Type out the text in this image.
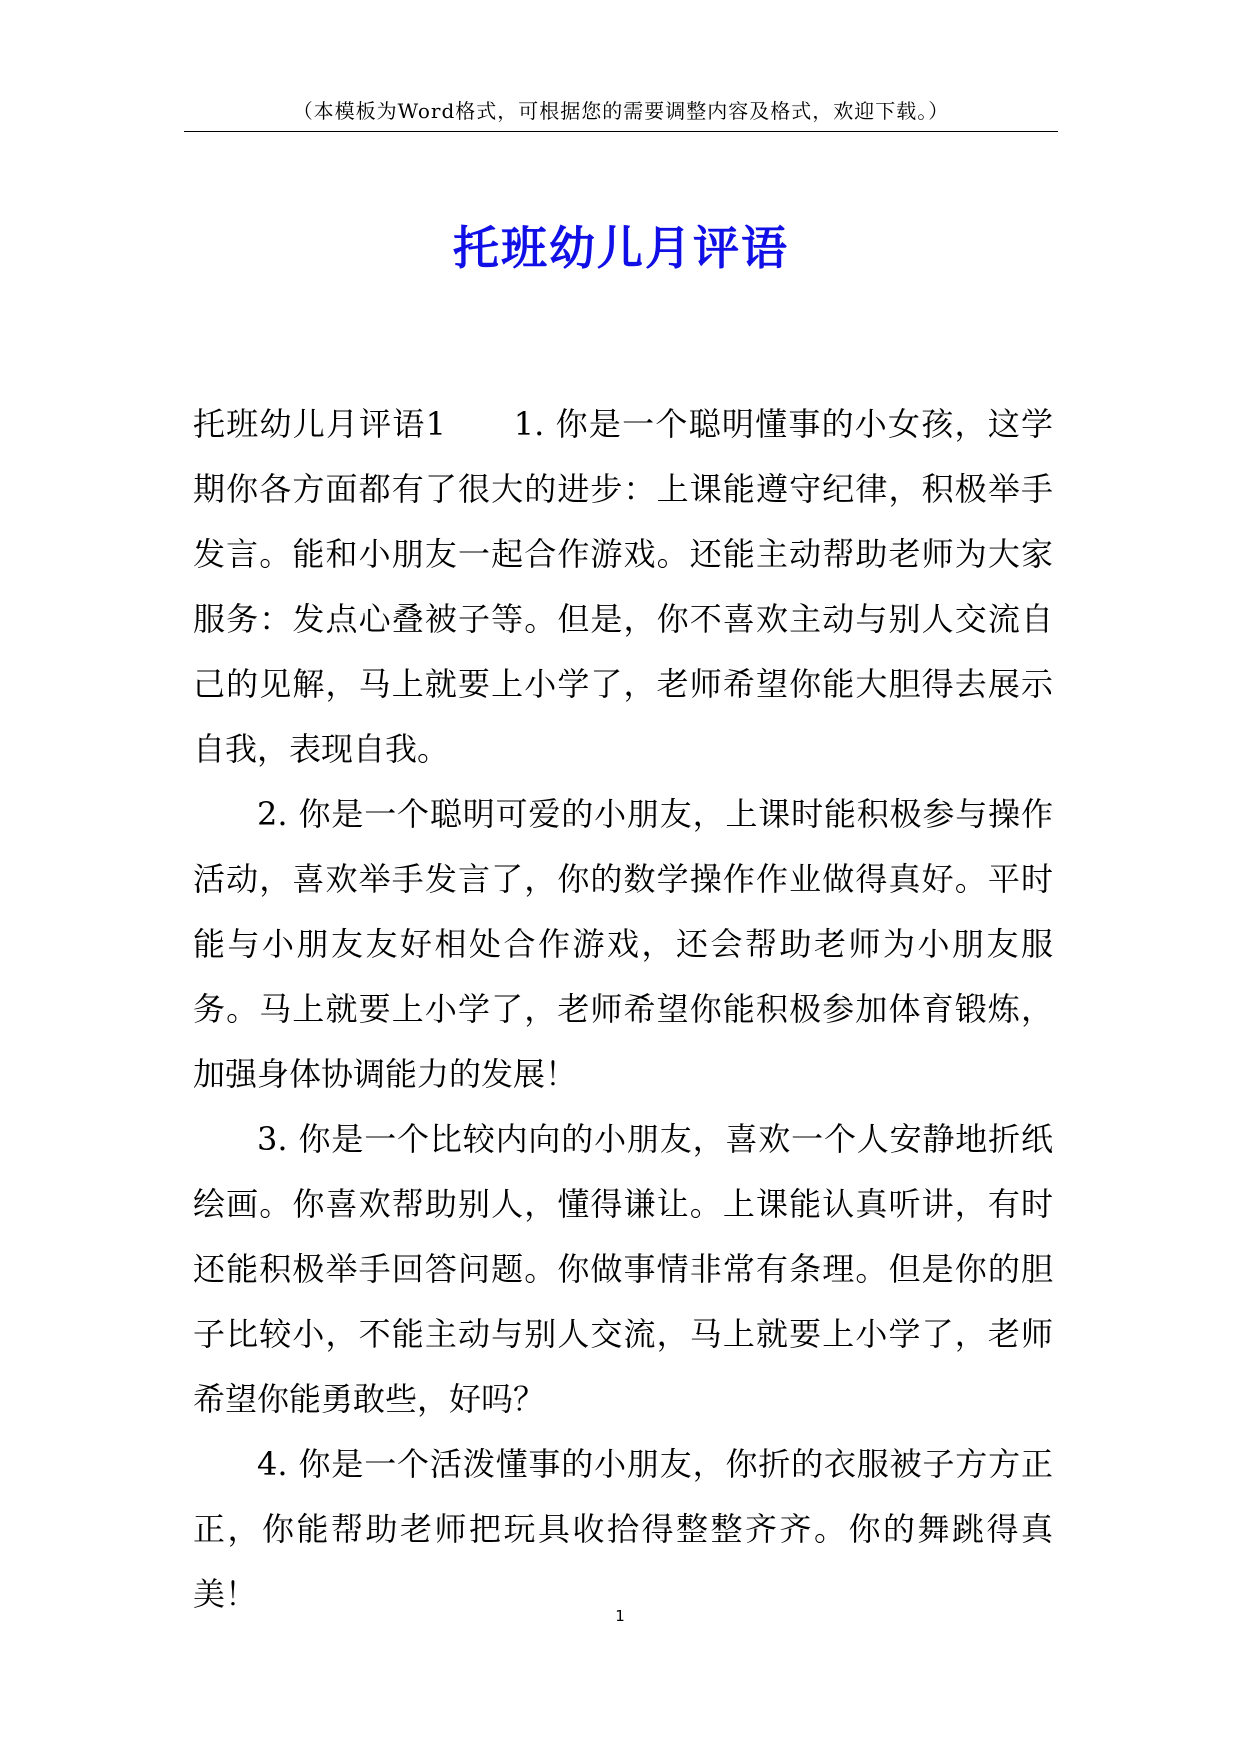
（本模板为Word格式，可根据您的需要调整内容及格式，欢迎下载。）
托班幼儿月评语

托班幼儿月评语1　　1. 你是一个聪明懂事的小女孩，这学期你各方面都有了很大的进步：上课能遵守纪律，积极举手发言。能和小朋友一起合作游戏。还能主动帮助老师为大家服务：发点心叠被子等。但是，你不喜欢主动与别人交流自己的见解，马上就要上小学了，老师希望你能大胆得去展示自我，表现自我。

2. 你是一个聪明可爱的小朋友，上课时能积极参与操作活动，喜欢举手发言了，你的数学操作作业做得真好。平时能与小朋友友好相处合作游戏，还会帮助老师为小朋友服务。马上就要上小学了，老师希望你能积极参加体育锻炼，加强身体协调能力的发展！

3. 你是一个比较内向的小朋友，喜欢一个人安静地折纸绘画。你喜欢帮助别人，懂得谦让。上课能认真听讲，有时还能积极举手回答问题。你做事情非常有条理。但是你的胆子比较小，不能主动与别人交流，马上就要上小学了，老师希望你能勇敢些，好吗？

4. 你是一个活泼懂事的小朋友，你折的衣服被子方方正正，你能帮助老师把玩具收拾得整整齐齐。你的舞跳得真美！

1
